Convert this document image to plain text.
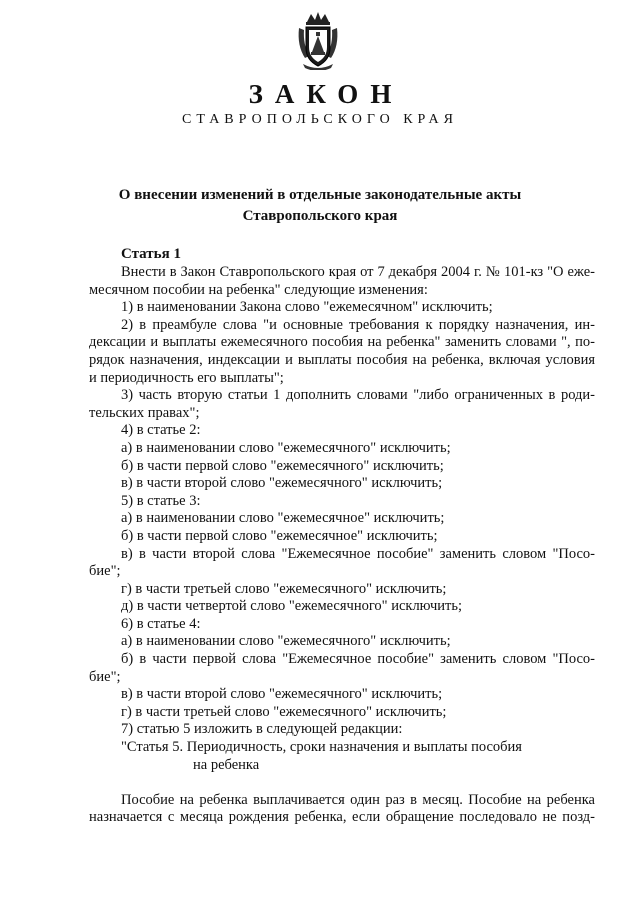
ЗАКОН
СТАВРОПОЛЬСКОГО КРАЯ
О внесении изменений в отдельные законодательные акты
Ставропольского края
Статья 1
Внести в Закон Ставропольского края от 7 декабря 2004 г. № 101-кз "О еже-
месячном пособии на ребенка" следующие изменения:
1) в наименовании Закона слово "ежемесячном" исключить;
2) в преамбуле слова "и основные требования к порядку назначения, ин-
дексации и выплаты ежемесячного пособия на ребенка" заменить словами ", по-
рядок назначения, индексации и выплаты пособия на ребенка, включая условия
и периодичность его выплаты";
3) часть вторую статьи 1 дополнить словами "либо ограниченных в роди-
тельских правах";
4) в статье 2:
а) в наименовании слово "ежемесячного" исключить;
б) в части первой слово "ежемесячного" исключить;
в) в части второй слово "ежемесячного" исключить;
5) в статье 3:
а) в наименовании слово "ежемесячное" исключить;
б) в части первой слово "ежемесячное" исключить;
в) в части второй слова "Ежемесячное пособие" заменить словом "Посо-
бие";
г) в части третьей слово "ежемесячного" исключить;
д) в части четвертой слово "ежемесячного" исключить;
6) в статье 4:
а) в наименовании слово "ежемесячного" исключить;
б) в части первой слова "Ежемесячное пособие" заменить словом "Посо-
бие";
в) в части второй слово "ежемесячного" исключить;
г) в части третьей слово "ежемесячного" исключить;
7) статью 5 изложить в следующей редакции:
"Статья 5. Периодичность, сроки назначения и выплаты пособия
на ребенка
Пособие на ребенка выплачивается один раз в месяц. Пособие на ребенка
назначается с месяца рождения ребенка, если обращение последовало не позд-
